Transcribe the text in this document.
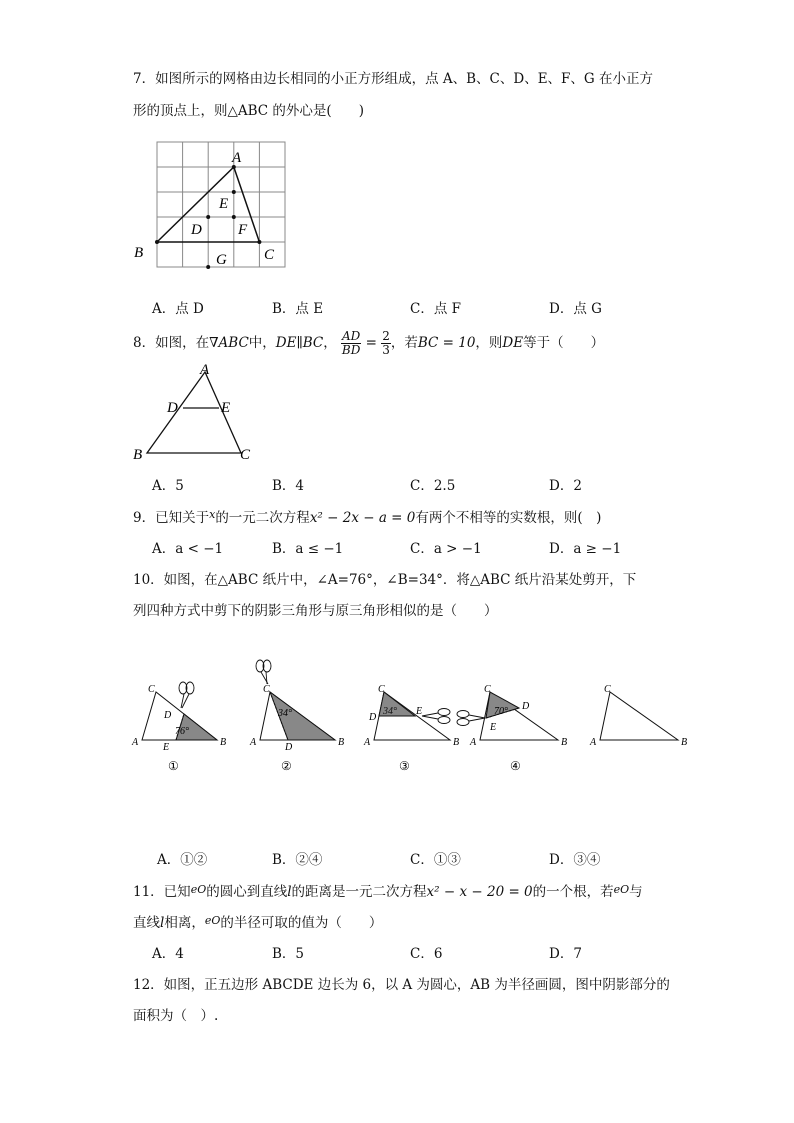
7．如图所示的网格由边长相同的小正方形组成，点 A、B、C、D、E、F、G 在小正方
形的顶点上，则△ABC 的外心是(　　)
A
B	C
D
E
F
G
A．点 D	B．点 E	C．点 F	D．点 G
8．如图，在∇ABC中，DE∥BC， $\frac{AD}{BD} = \frac{2}{3}$ ，若BC = 10，则DE等于（　　）
A
B	C
D	E
A．5	B．4	C．2.5	D．2
9．已知关于$^x$的一元二次方程x² − 2x − a = 0有两个不相等的实数根，则(　)
A．a < −1	B．a ≤ −1	C．a > −1	D．a ≥ −1
10．如图，在△ABC 纸片中，∠A=76°，∠B=34°．将△ABC 纸片沿某处剪开，下
列四种方式中剪下的阴影三角形与原三角形相似的是（　　）
76°
A
C
B
D
E
①
34°
A
C
B
D
②
34°
A
C
B
D
E
③
70°
A
C
B
D
E
④
A
C
B
A．①②	B．②④	C．①③	D．③④
11．已知$^{eO}$的圆心到直线l的距离是一元二次方程x² − x − 20 = 0的一个根，若$^{eO}$与
直线l相离，$^{eO}$的半径可取的值为（　　）
A．4	B．5	C．6	D．7
12．如图，正五边形 ABCDE 边长为 6，以 A 为圆心，AB 为半径画圆，图中阴影部分的
面积为（　）.
